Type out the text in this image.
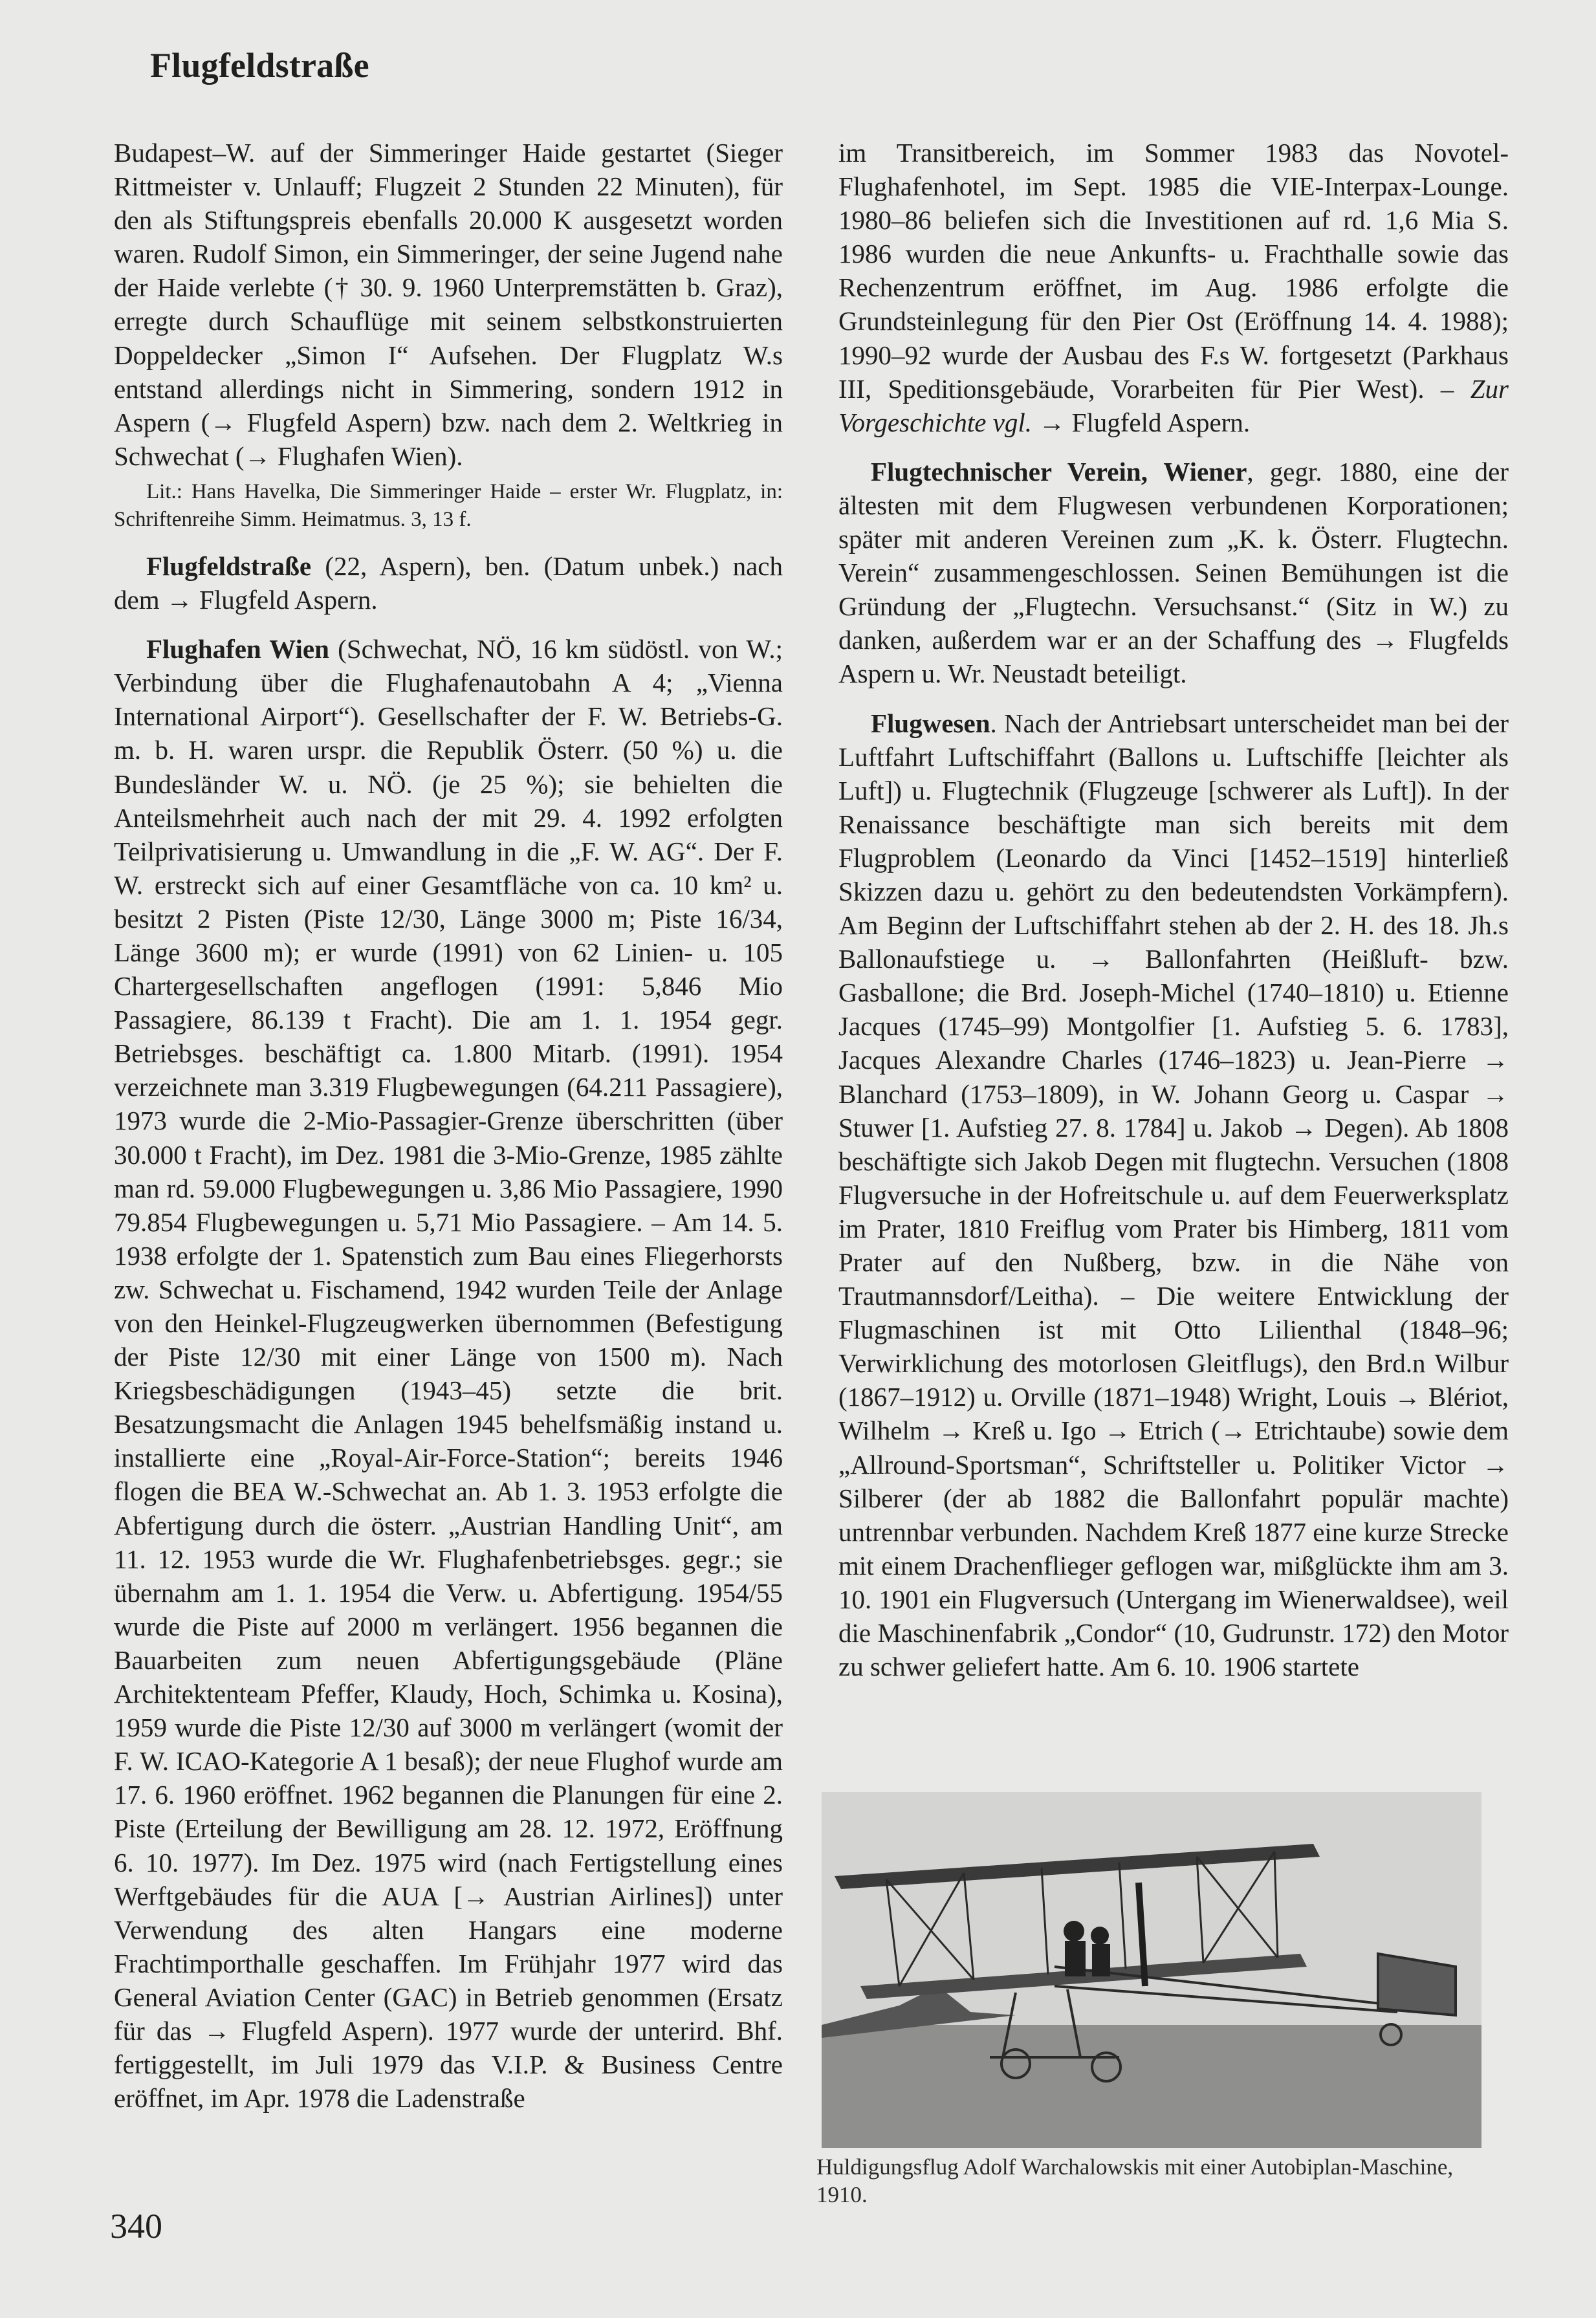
Flugfeldstraße

Budapest–W. auf der Simmeringer Haide gestartet (Sieger Rittmeister v. Unlauff; Flugzeit 2 Stunden 22 Minuten), für den als Stiftungspreis ebenfalls 20.000 K ausgesetzt worden waren. Rudolf Simon, ein Simmeringer, der seine Jugend nahe der Haide verlebte († 30. 9. 1960 Unterpremstätten b. Graz), erregte durch Schauflüge mit seinem selbstkonstruierten Doppeldecker „Simon I“ Aufsehen. Der Flugplatz W.s entstand allerdings nicht in Simmering, sondern 1912 in Aspern (→ Flugfeld Aspern) bzw. nach dem 2. Weltkrieg in Schwechat (→ Flughafen Wien).

Lit.: Hans Havelka, Die Simmeringer Haide – erster Wr. Flugplatz, in: Schriftenreihe Simm. Heimatmus. 3, 13 f.

Flugfeldstraße (22, Aspern), ben. (Datum unbek.) nach dem → Flugfeld Aspern.

Flughafen Wien (Schwechat, NÖ, 16 km südöstl. von W.; Verbindung über die Flughafenautobahn A 4; „Vienna International Airport“). Gesellschafter der F. W. Betriebs-G. m. b. H. waren urspr. die Republik Österr. (50 %) u. die Bundesländer W. u. NÖ. (je 25 %); sie behielten die Anteilsmehrheit auch nach der mit 29. 4. 1992 erfolgten Teilprivatisierung u. Umwandlung in die „F. W. AG“. Der F. W. erstreckt sich auf einer Gesamtfläche von ca. 10 km² u. besitzt 2 Pisten (Piste 12/30, Länge 3000 m; Piste 16/34, Länge 3600 m); er wurde (1991) von 62 Linien- u. 105 Chartergesellschaften angeflogen (1991: 5,846 Mio Passagiere, 86.139 t Fracht). Die am 1. 1. 1954 gegr. Betriebsges. beschäftigt ca. 1.800 Mitarb. (1991). 1954 verzeichnete man 3.319 Flugbewegungen (64.211 Passagiere), 1973 wurde die 2-Mio-Passagier-Grenze überschritten (über 30.000 t Fracht), im Dez. 1981 die 3-Mio-Grenze, 1985 zählte man rd. 59.000 Flugbewegungen u. 3,86 Mio Passagiere, 1990 79.854 Flugbewegungen u. 5,71 Mio Passagiere. – Am 14. 5. 1938 erfolgte der 1. Spatenstich zum Bau eines Fliegerhorsts zw. Schwechat u. Fischamend, 1942 wurden Teile der Anlage von den Heinkel-Flugzeugwerken übernommen (Befestigung der Piste 12/30 mit einer Länge von 1500 m). Nach Kriegsbeschädigungen (1943–45) setzte die brit. Besatzungsmacht die Anlagen 1945 behelfsmäßig instand u. installierte eine „Royal-Air-Force-Station“; bereits 1946 flogen die BEA W.-Schwechat an. Ab 1. 3. 1953 erfolgte die Abfertigung durch die österr. „Austrian Handling Unit“, am 11. 12. 1953 wurde die Wr. Flughafenbetriebsges. gegr.; sie übernahm am 1. 1. 1954 die Verw. u. Abfertigung. 1954/55 wurde die Piste auf 2000 m verlängert. 1956 begannen die Bauarbeiten zum neuen Abfertigungsgebäude (Pläne Architektenteam Pfeffer, Klaudy, Hoch, Schimka u. Kosina), 1959 wurde die Piste 12/30 auf 3000 m verlängert (womit der F. W. ICAO-Kategorie A 1 besaß); der neue Flughof wurde am 17. 6. 1960 eröffnet. 1962 begannen die Planungen für eine 2. Piste (Erteilung der Bewilligung am 28. 12. 1972, Eröffnung 6. 10. 1977). Im Dez. 1975 wird (nach Fertigstellung eines Werftgebäudes für die AUA [→ Austrian Airlines]) unter Verwendung des alten Hangars eine moderne Frachtimporthalle geschaffen. Im Frühjahr 1977 wird das General Aviation Center (GAC) in Betrieb genommen (Ersatz für das → Flugfeld Aspern). 1977 wurde der unterird. Bhf. fertiggestellt, im Juli 1979 das V.I.P. & Business Centre eröffnet, im Apr. 1978 die Ladenstraße

im Transitbereich, im Sommer 1983 das Novotel-Flughafenhotel, im Sept. 1985 die VIE-Interpax-Lounge. 1980–86 beliefen sich die Investitionen auf rd. 1,6 Mia S. 1986 wurden die neue Ankunfts- u. Frachthalle sowie das Rechenzentrum eröffnet, im Aug. 1986 erfolgte die Grundsteinlegung für den Pier Ost (Eröffnung 14. 4. 1988); 1990–92 wurde der Ausbau des F.s W. fortgesetzt (Parkhaus III, Speditionsgebäude, Vorarbeiten für Pier West). – Zur Vorgeschichte vgl. → Flugfeld Aspern.

Flugtechnischer Verein, Wiener, gegr. 1880, eine der ältesten mit dem Flugwesen verbundenen Korporationen; später mit anderen Vereinen zum „K. k. Österr. Flugtechn. Verein“ zusammengeschlossen. Seinen Bemühungen ist die Gründung der „Flugtechn. Versuchsanst.“ (Sitz in W.) zu danken, außerdem war er an der Schaffung des → Flugfelds Aspern u. Wr. Neustadt beteiligt.

Flugwesen. Nach der Antriebsart unterscheidet man bei der Luftfahrt Luftschiffahrt (Ballons u. Luftschiffe [leichter als Luft]) u. Flugtechnik (Flugzeuge [schwerer als Luft]). In der Renaissance beschäftigte man sich bereits mit dem Flugproblem (Leonardo da Vinci [1452–1519] hinterließ Skizzen dazu u. gehört zu den bedeutendsten Vorkämpfern). Am Beginn der Luftschiffahrt stehen ab der 2. H. des 18. Jh.s Ballonaufstiege u. → Ballonfahrten (Heißluft- bzw. Gasballone; die Brd. Joseph-Michel (1740–1810) u. Etienne Jacques (1745–99) Montgolfier [1. Aufstieg 5. 6. 1783], Jacques Alexandre Charles (1746–1823) u. Jean-Pierre → Blanchard (1753–1809), in W. Johann Georg u. Caspar → Stuwer [1. Aufstieg 27. 8. 1784] u. Jakob → Degen). Ab 1808 beschäftigte sich Jakob Degen mit flugtechn. Versuchen (1808 Flugversuche in der Hofreitschule u. auf dem Feuerwerksplatz im Prater, 1810 Freiflug vom Prater bis Himberg, 1811 vom Prater auf den Nußberg, bzw. in die Nähe von Trautmannsdorf/Leitha). – Die weitere Entwicklung der Flugmaschinen ist mit Otto Lilienthal (1848–96; Verwirklichung des motorlosen Gleitflugs), den Brd.n Wilbur (1867–1912) u. Orville (1871–1948) Wright, Louis → Blériot, Wilhelm → Kreß u. Igo → Etrich (→ Etrichtaube) sowie dem „Allround-Sportsman“, Schriftsteller u. Politiker Victor → Silberer (der ab 1882 die Ballonfahrt populär machte) untrennbar verbunden. Nachdem Kreß 1877 eine kurze Strecke mit einem Drachenflieger geflogen war, mißglückte ihm am 3. 10. 1901 ein Flugversuch (Untergang im Wienerwaldsee), weil die Maschinenfabrik „Condor“ (10, Gudrunstr. 172) den Motor zu schwer geliefert hatte. Am 6. 10. 1906 startete

Huldigungsflug Adolf Warchalowskis mit einer Autobiplan-Maschine, 1910.
340
